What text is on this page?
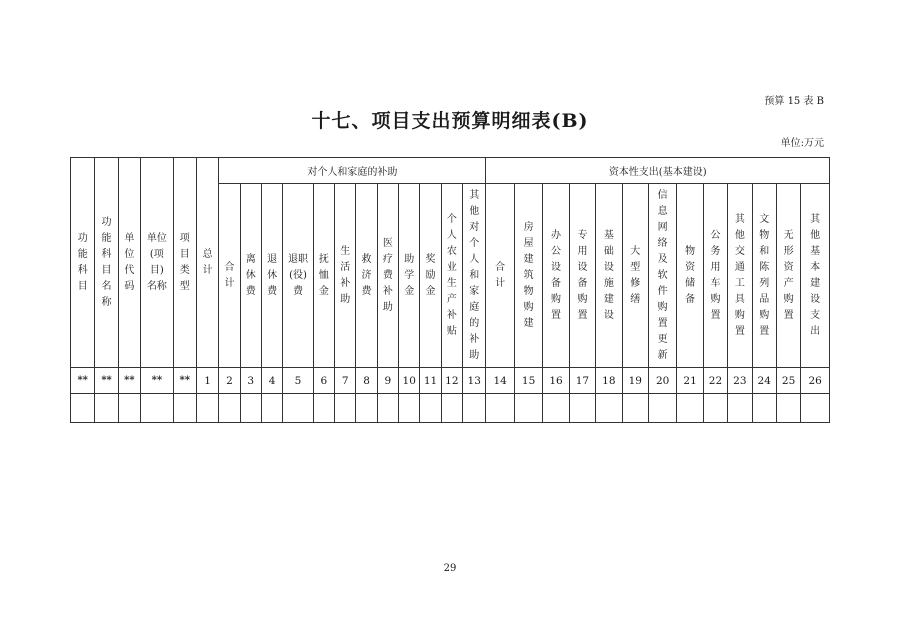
预算 15 表 B
十七、项目支出预算明细表(B)
单位:万元
功能科目	功能科目名称	单位代码	单位(项目)名称	项目类型	总计	对个人和家庭的补助												资本性支出(基本建设)												
						合计	离休费	退休费	退职(役)费	抚恤金	生活补助	救济费	医疗费补助	助学金	奖励金	个人农业生产补贴	其他对个人和家庭的补助	合计	房屋建筑物购建	办公设备购置	专用设备购置	基础设施建设	大型修缮	信息网络及软件购置更新	物资储备	公务用车购置	其他交通工具购置	文物和陈列品购置	无形资产购置	其他基本建设支出
**	**	**	**	**	1	2	3	4	5	6	7	8	9	10	11	12	13	14	15	16	17	18	19	20	21	22	23	24	25	26

29
